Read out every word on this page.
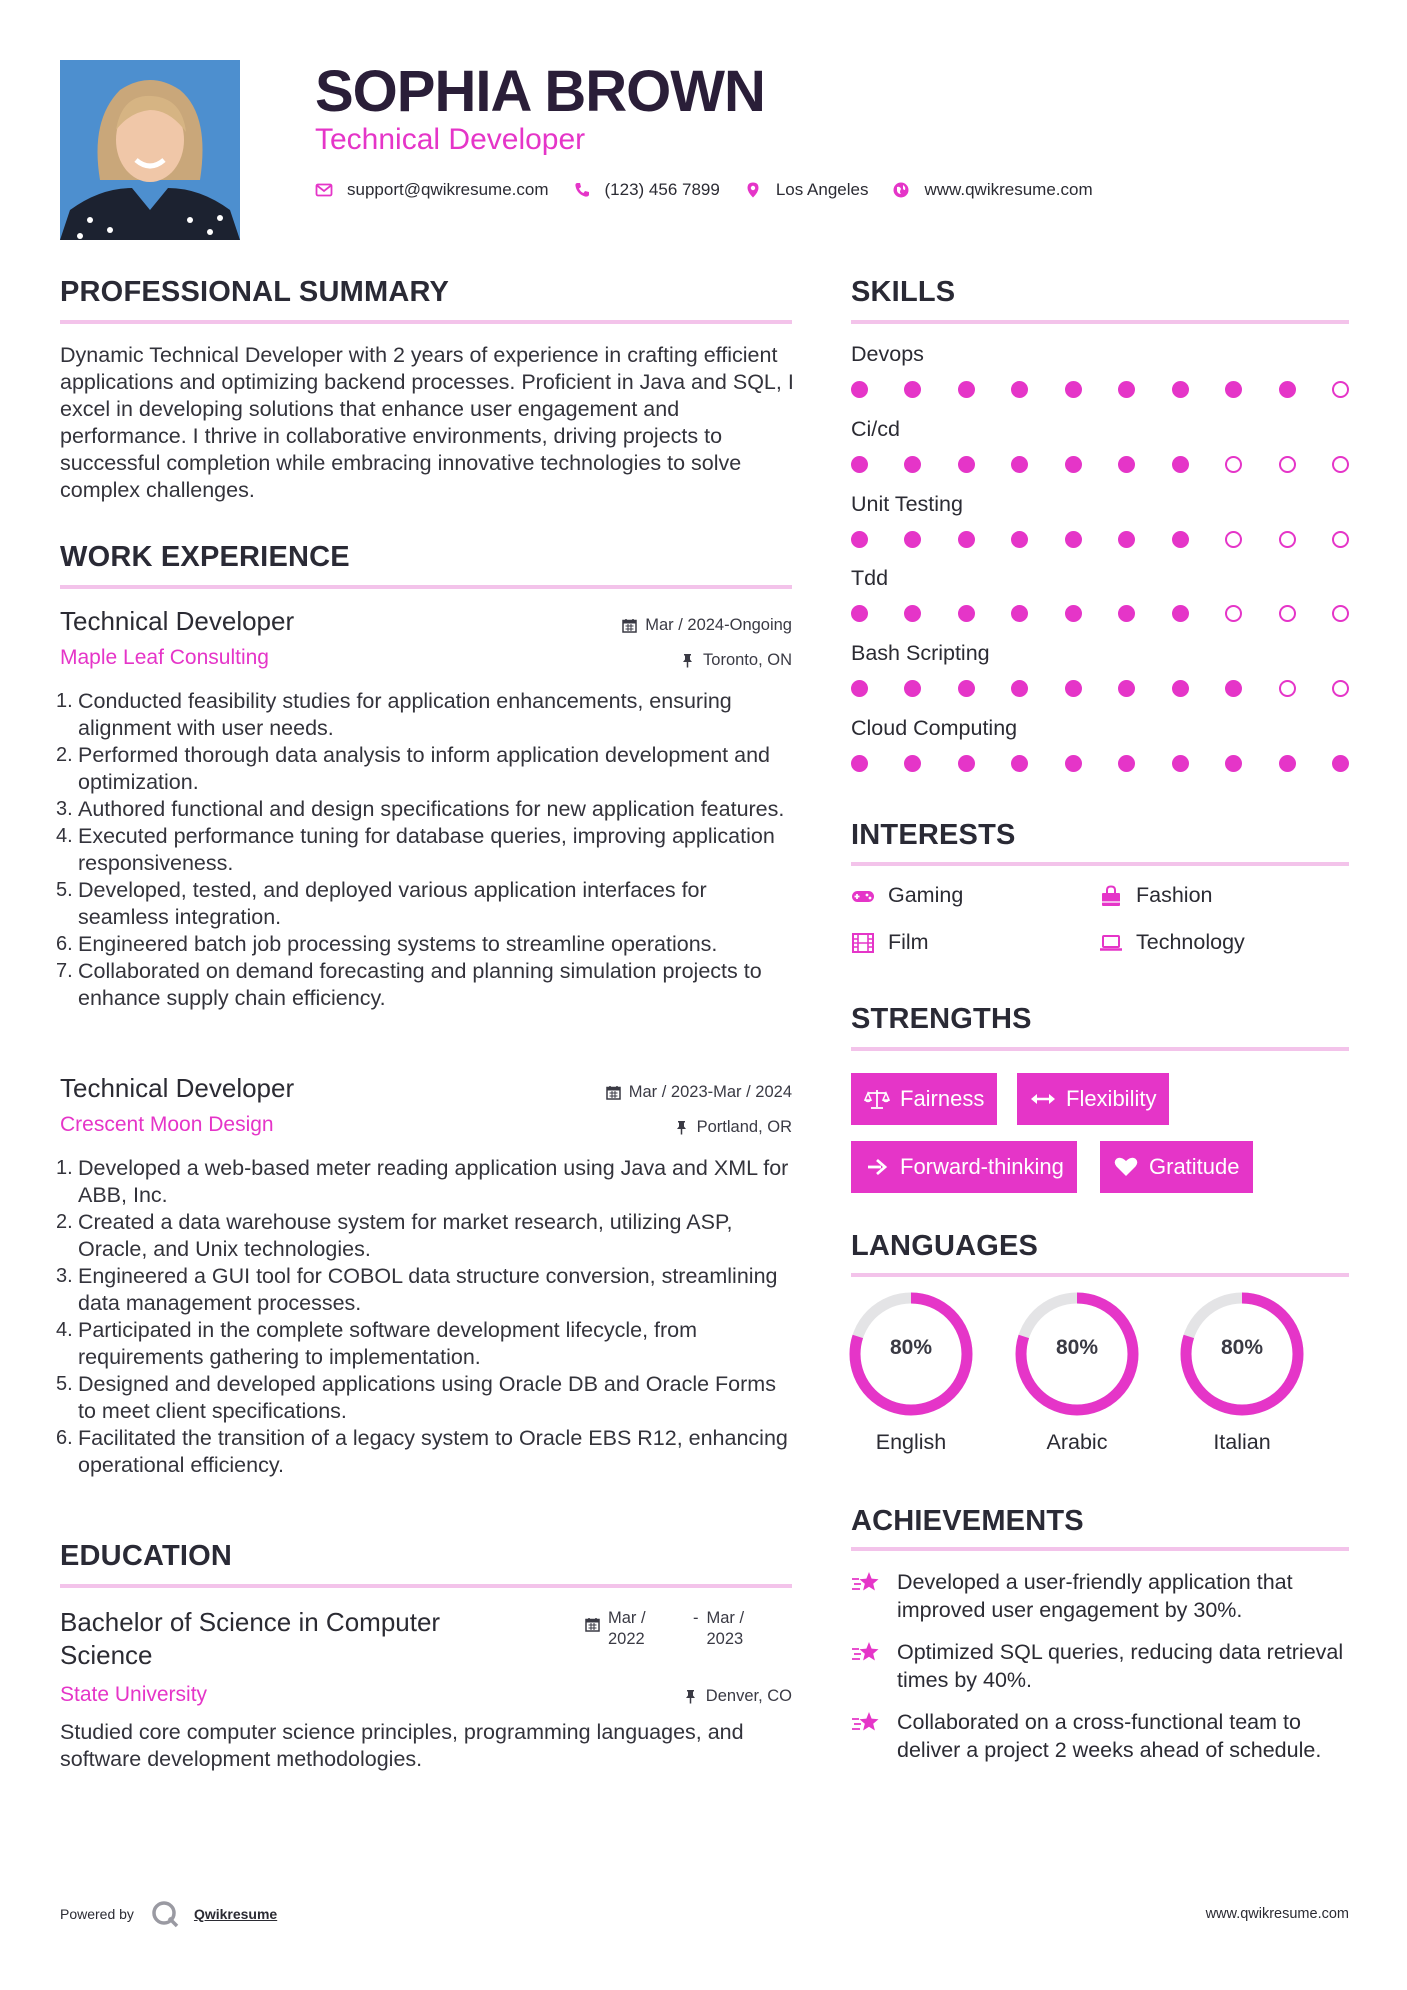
SOPHIA BROWN
Technical Developer
support@qwikresume.com	(123) 456 7899	Los Angeles	www.qwikresume.com
PROFESSIONAL SUMMARY
Dynamic Technical Developer with 2 years of experience in crafting efficient applications and optimizing backend processes. Proficient in Java and SQL, I excel in developing solutions that enhance user engagement and performance. I thrive in collaborative environments, driving projects to successful completion while embracing innovative technologies to solve complex challenges.
WORK EXPERIENCE
Technical Developer
Maple Leaf Consulting
Mar / 2024-Ongoing
Toronto, ON
1. Conducted feasibility studies for application enhancements, ensuring alignment with user needs.
2. Performed thorough data analysis to inform application development and optimization.
3. Authored functional and design specifications for new application features.
4. Executed performance tuning for database queries, improving application responsiveness.
5. Developed, tested, and deployed various application interfaces for seamless integration.
6. Engineered batch job processing systems to streamline operations.
7. Collaborated on demand forecasting and planning simulation projects to enhance supply chain efficiency.
Technical Developer
Crescent Moon Design
Mar / 2023-Mar / 2024
Portland, OR
1. Developed a web-based meter reading application using Java and XML for ABB, Inc.
2. Created a data warehouse system for market research, utilizing ASP, Oracle, and Unix technologies.
3. Engineered a GUI tool for COBOL data structure conversion, streamlining data management processes.
4. Participated in the complete software development lifecycle, from requirements gathering to implementation.
5. Designed and developed applications using Oracle DB and Oracle Forms to meet client specifications.
6. Facilitated the transition of a legacy system to Oracle EBS R12, enhancing operational efficiency.
EDUCATION
Bachelor of Science in Computer Science
State University
Studied core computer science principles, programming languages, and software development methodologies.
Mar / 2022
- Mar / 2023
Denver, CO
SKILLS
Devops
Ci/cd
Unit Testing
Tdd
Bash Scripting
Cloud Computing
INTERESTS
Gaming	Fashion
Film	Technology
STRENGTHS
Fairness	Flexibility
Forward-thinking	Gratitude
LANGUAGES
80%
English
80%
Arabic
80%
Italian
ACHIEVEMENTS
Developed a user-friendly application that improved user engagement by 30%.
Optimized SQL queries, reducing data retrieval times by 40%.
Collaborated on a cross-functional team to deliver a project 2 weeks ahead of schedule.
Powered by	Qwikresume	www.qwikresume.com
